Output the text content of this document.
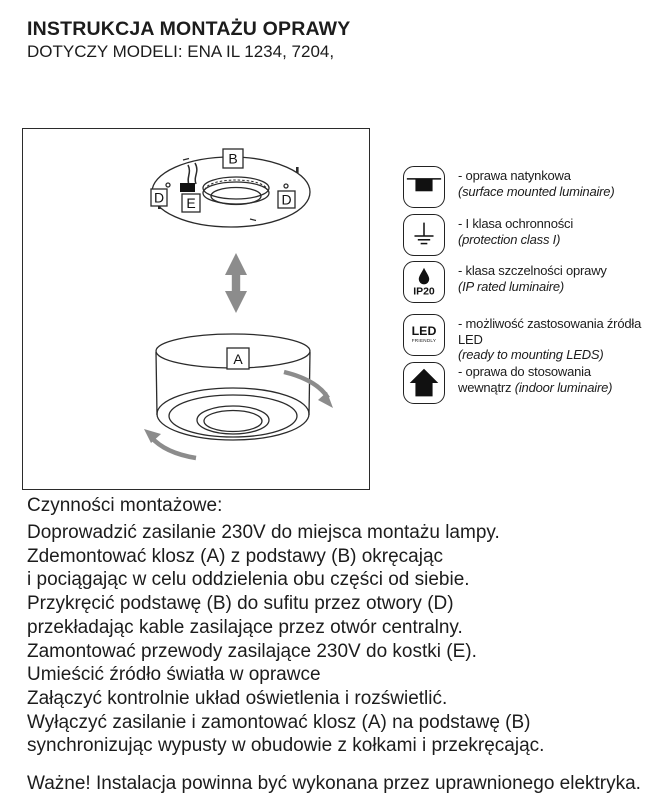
INSTRUKCJA MONTAŻU OPRAWY
DOTYCZY MODELI: ENA IL 1234, 7204,
B
D E	D
A
- oprawa natynkowa
(surface mounted luminaire)
- I klasa ochronności
(protection class I)
IP20
- klasa szczelności oprawy
(IP rated luminaire)
LED
FRIENDLY
- możliwość zastosowania źródła LED
(ready to mounting LEDS)
- oprawa do stosowania
wewnątrz (indoor luminaire)
Czynności montażowe:
Doprowadzić zasilanie 230V do miejsca montażu lampy.
Zdemontować klosz (A) z podstawy (B) okręcając
i pociągając w celu oddzielenia obu części od siebie.
Przykręcić podstawę (B) do sufitu przez otwory (D)
przekładając kable zasilające przez otwór centralny.
Zamontować przewody zasilające 230V do kostki (E).
Umieścić źródło światła w oprawce
Załączyć kontrolnie układ oświetlenia i rozświetlić.
Wyłączyć zasilanie i zamontować klosz (A) na podstawę (B)
synchronizując wypusty w obudowie z kołkami i przekręcając.
Ważne! Instalacja powinna być wykonana przez uprawnionego elektryka.
